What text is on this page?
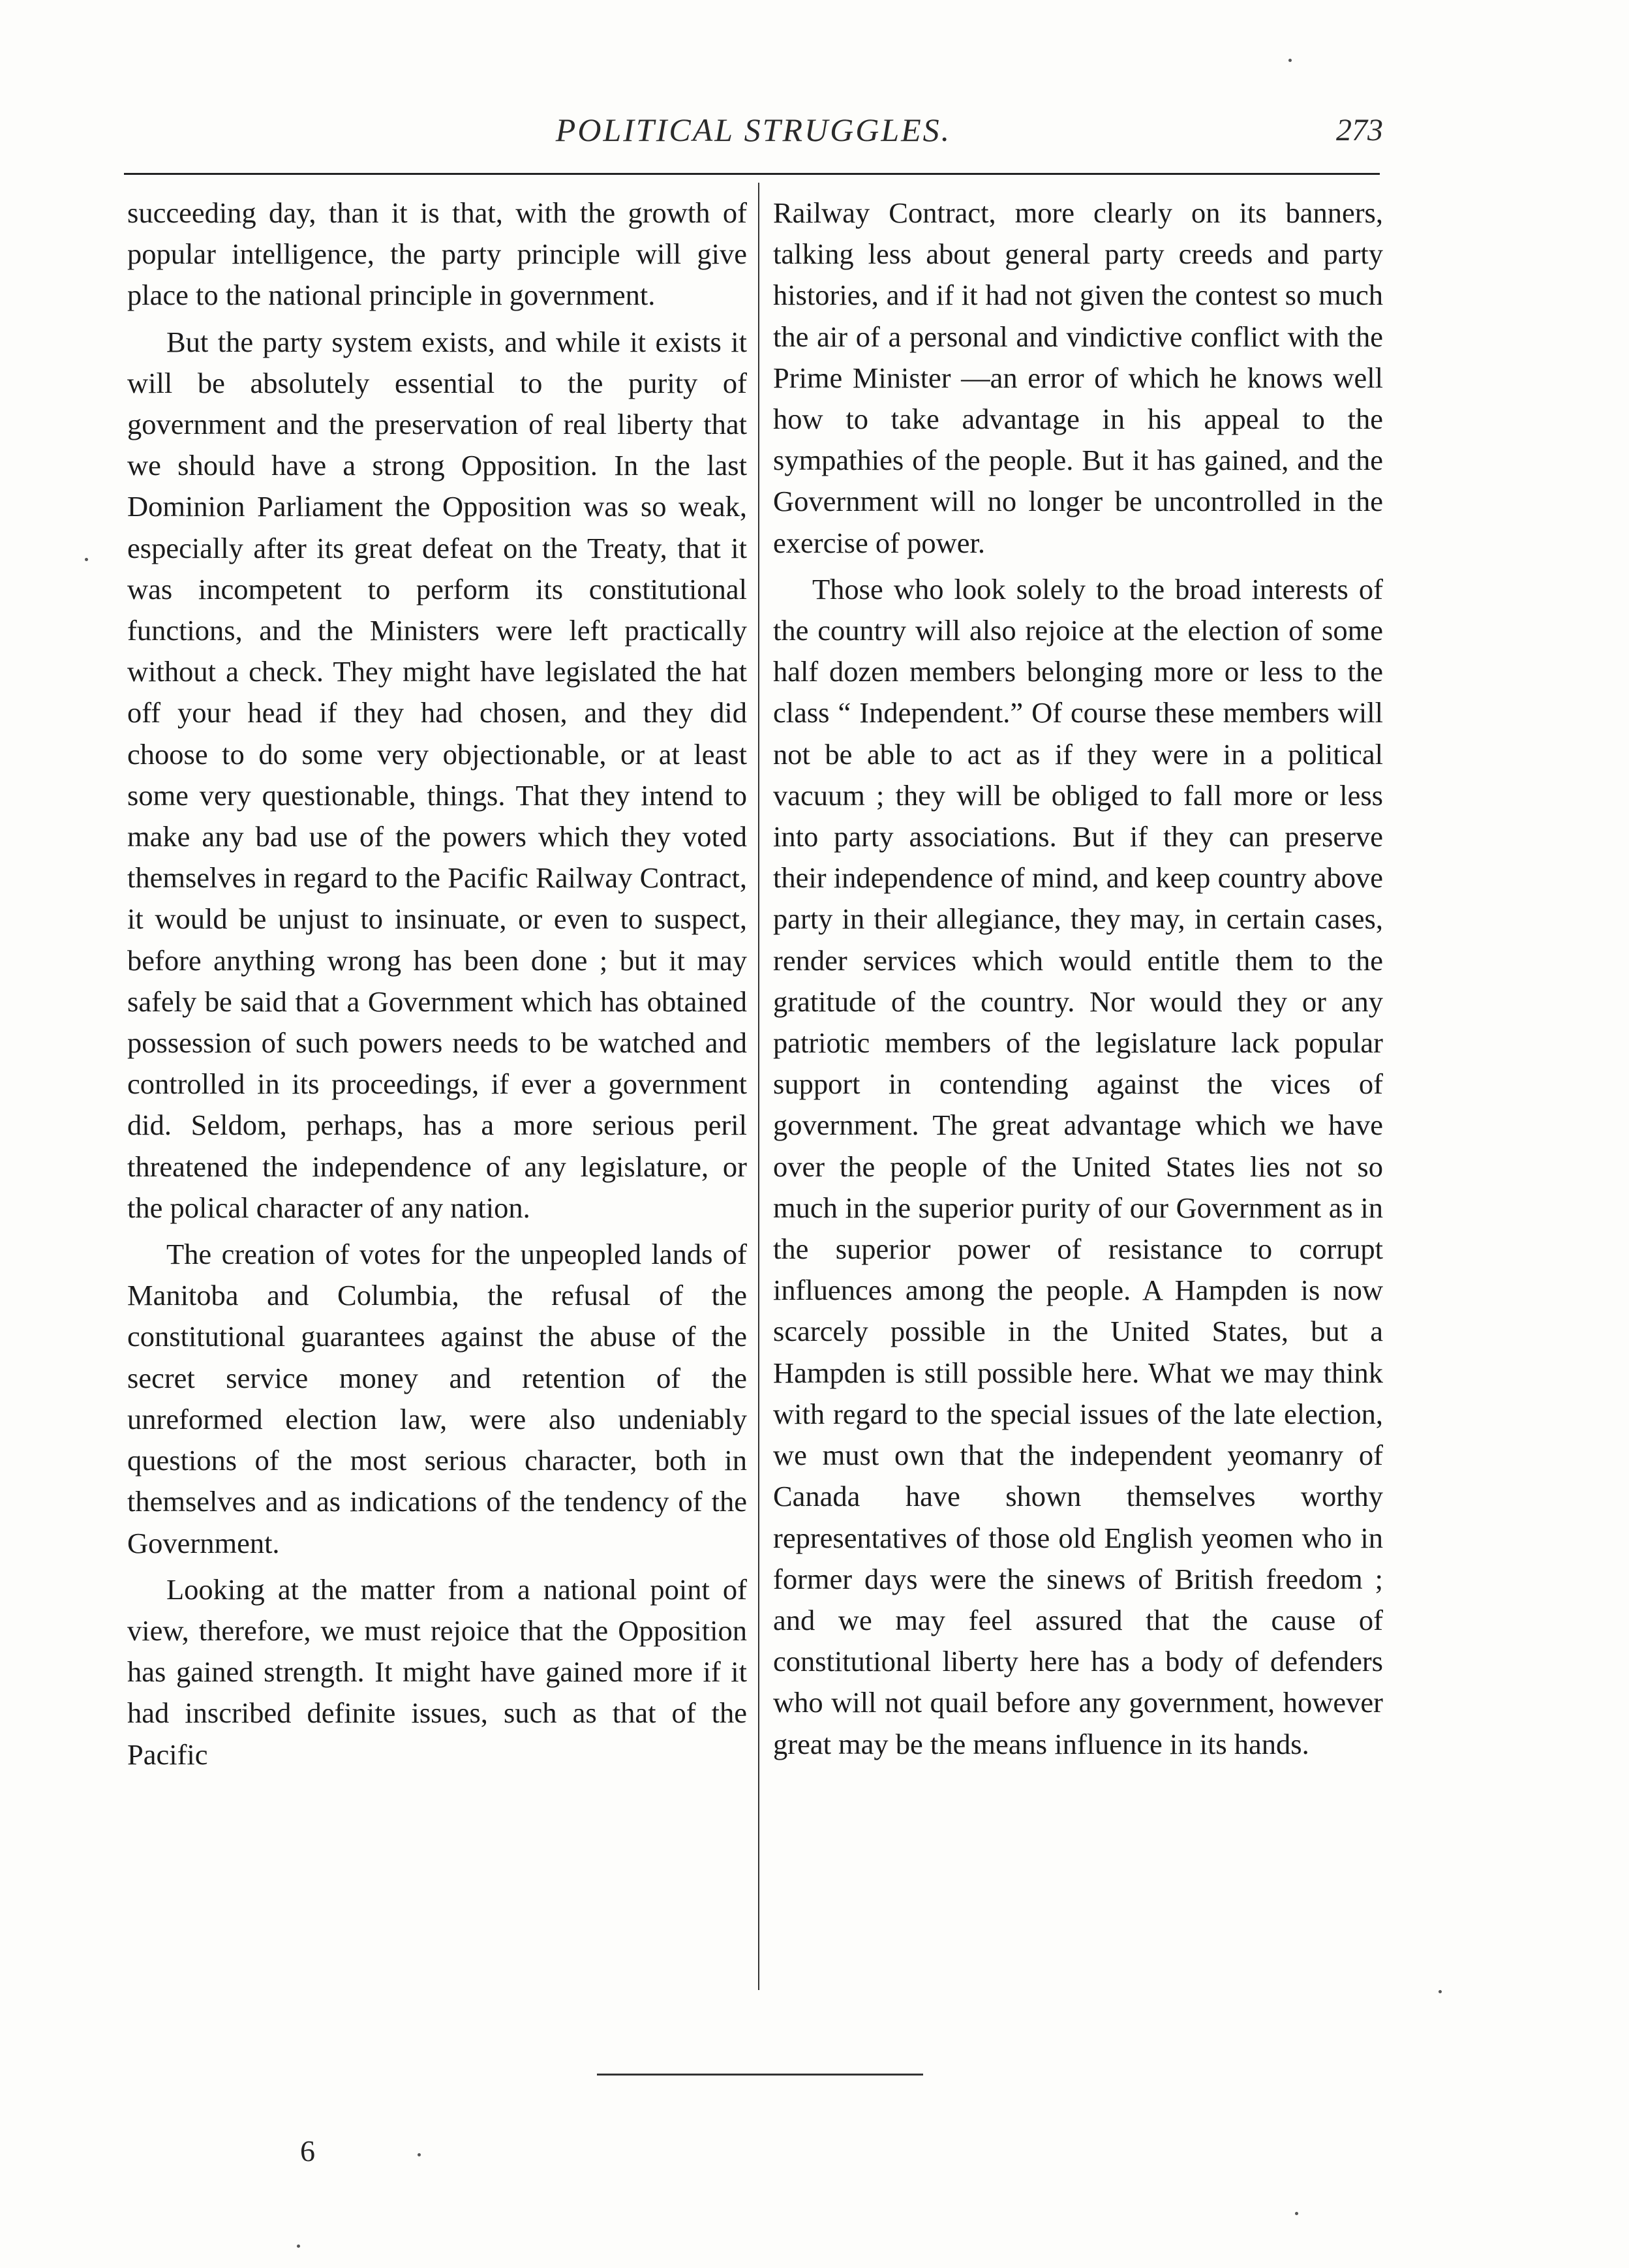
POLITICAL STRUGGLES.	273

succeeding day, than it is that, with the growth of popular intelligence, the party principle will give place to the national principle in government.

But the party system exists, and while it exists it will be absolutely essential to the purity of government and the preservation of real liberty that we should have a strong Opposition. In the last Dominion Parliament the Opposition was so weak, especially after its great defeat on the Treaty, that it was incompetent to perform its constitutional functions, and the Ministers were left practically without a check. They might have legislated the hat off your head if they had chosen, and they did choose to do some very objectionable, or at least some very questionable, things. That they intend to make any bad use of the powers which they voted themselves in regard to the Pacific Railway Contract, it would be unjust to insinuate, or even to suspect, before anything wrong has been done ; but it may safely be said that a Government which has obtained possession of such powers needs to be watched and controlled in its proceedings, if ever a government did. Seldom, perhaps, has a more serious peril threatened the independence of any legislature, or the polical character of any nation.

The creation of votes for the unpeopled lands of Manitoba and Columbia, the refusal of the constitutional guarantees against the abuse of the secret service money and retention of the unreformed election law, were also undeniably questions of the most serious character, both in themselves and as indications of the tendency of the Government.

Looking at the matter from a national point of view, therefore, we must rejoice that the Opposition has gained strength. It might have gained more if it had inscribed definite issues, such as that of the Pacific

Railway Contract, more clearly on its banners, talking less about general party creeds and party histories, and if it had not given the contest so much the air of a personal and vindictive conflict with the Prime Minister —an error of which he knows well how to take advantage in his appeal to the sympathies of the people. But it has gained, and the Government will no longer be uncontrolled in the exercise of power.

Those who look solely to the broad interests of the country will also rejoice at the election of some half dozen members belonging more or less to the class “ Independent.” Of course these members will not be able to act as if they were in a political vacuum ; they will be obliged to fall more or less into party associations. But if they can preserve their independence of mind, and keep country above party in their allegiance, they may, in certain cases, render services which would entitle them to the gratitude of the country. Nor would they or any patriotic members of the legislature lack popular support in contending against the vices of government. The great advantage which we have over the people of the United States lies not so much in the superior purity of our Government as in the superior power of resistance to corrupt influences among the people. A Hampden is now scarcely possible in the United States, but a Hampden is still possible here. What we may think with regard to the special issues of the late election, we must own that the independent yeomanry of Canada have shown themselves worthy representatives of those old English yeomen who in former days were the sinews of British freedom ; and we may feel assured that the cause of constitutional liberty here has a body of defenders who will not quail before any government, however great may be the means influence in its hands.

6
